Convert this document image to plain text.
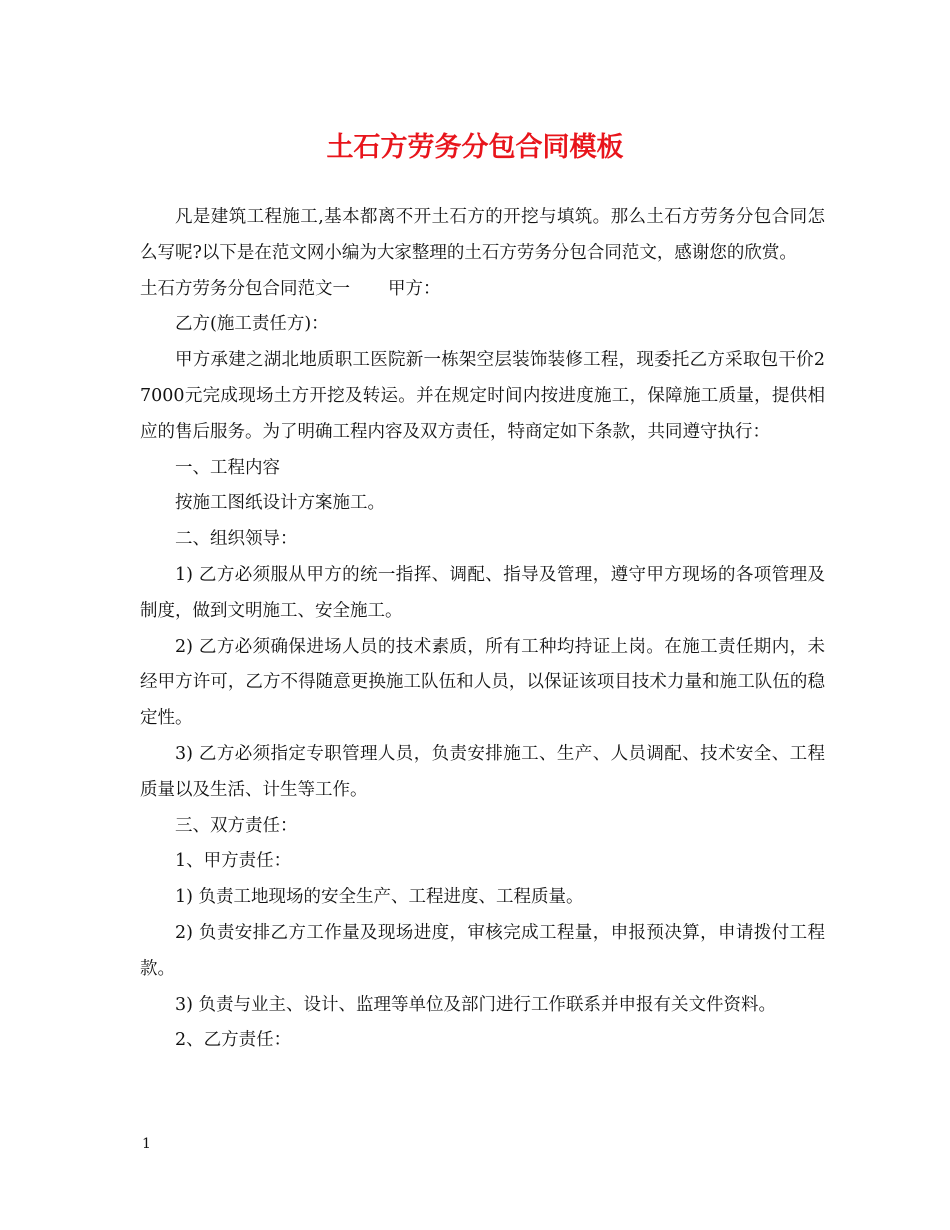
土石方劳务分包合同模板

凡是建筑工程施工,基本都离不开土石方的开挖与填筑。那么土石方劳务分包合同怎么写呢?以下是在范文网小编为大家整理的土石方劳务分包合同范文，感谢您的欣赏。

土石方劳务分包合同范文一 甲方：

乙方(施工责任方)：

甲方承建之湖北地质职工医院新一栋架空层装饰装修工程，现委托乙方采取包干价27000元完成现场土方开挖及转运。并在规定时间内按进度施工，保障施工质量，提供相应的售后服务。为了明确工程内容及双方责任，特商定如下条款，共同遵守执行：

一、工程内容

按施工图纸设计方案施工。

二、组织领导：

1) 乙方必须服从甲方的统一指挥、调配、指导及管理，遵守甲方现场的各项管理及制度，做到文明施工、安全施工。

2) 乙方必须确保进场人员的技术素质，所有工种均持证上岗。在施工责任期内，未经甲方许可，乙方不得随意更换施工队伍和人员，以保证该项目技术力量和施工队伍的稳定性。

3) 乙方必须指定专职管理人员，负责安排施工、生产、人员调配、技术安全、工程质量以及生活、计生等工作。

三、双方责任：

1、甲方责任：

1) 负责工地现场的安全生产、工程进度、工程质量。

2) 负责安排乙方工作量及现场进度，审核完成工程量，申报预决算，申请拨付工程款。

3) 负责与业主、设计、监理等单位及部门进行工作联系并申报有关文件资料。

2、乙方责任：

1
